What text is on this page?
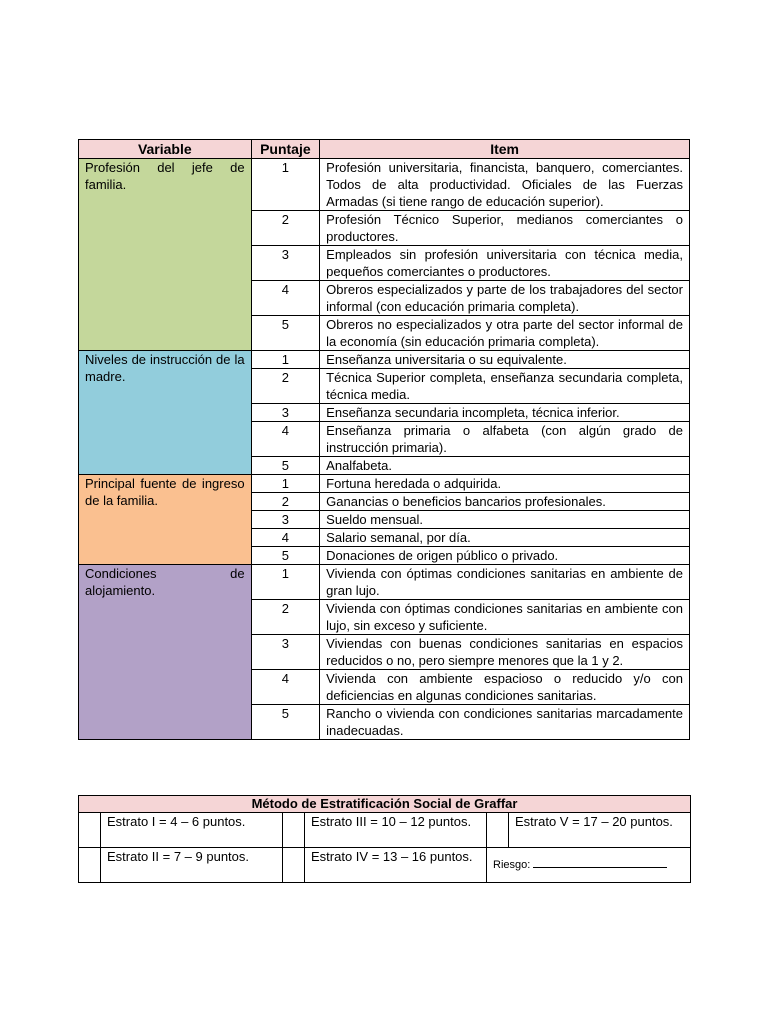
Variable	Puntaje	Item
Profesión del jefe de familia.	1	Profesión universitaria, financista, banquero, comerciantes. Todos de alta productividad. Oficiales de las Fuerzas Armadas (si tiene rango de educación superior).
	2	Profesión Técnico Superior, medianos comerciantes o productores.
	3	Empleados sin profesión universitaria con técnica media, pequeños comerciantes o productores.
	4	Obreros especializados y parte de los trabajadores del sector informal (con educación primaria completa).
	5	Obreros no especializados y otra parte del sector informal de la economía (sin educación primaria completa).
Niveles de instrucción de la madre.	1	Enseñanza universitaria o su equivalente.
	2	Técnica Superior completa, enseñanza secundaria completa, técnica media.
	3	Enseñanza secundaria incompleta, técnica inferior.
	4	Enseñanza primaria o alfabeta (con algún grado de instrucción primaria).
	5	Analfabeta.
Principal fuente de ingreso de la familia.	1	Fortuna heredada o adquirida.
	2	Ganancias o beneficios bancarios profesionales.
	3	Sueldo mensual.
	4	Salario semanal, por día.
	5	Donaciones de origen público o privado.
Condiciones de alojamiento.	1	Vivienda con óptimas condiciones sanitarias en ambiente de gran lujo.
	2	Vivienda con óptimas condiciones sanitarias en ambiente con lujo, sin exceso y suficiente.
	3	Viviendas con buenas condiciones sanitarias en espacios reducidos o no, pero siempre menores que la 1 y 2.
	4	Vivienda con ambiente espacioso o reducido y/o con deficiencias en algunas condiciones sanitarias.
	5	Rancho o vivienda con condiciones sanitarias marcadamente inadecuadas.
Método de Estratificación Social de Graffar					
	Estrato I = 4 – 6 puntos.		Estrato III = 10 – 12 puntos.		Estrato V = 17 – 20 puntos.
	Estrato II = 7 – 9 puntos.		Estrato IV = 13 – 16 puntos.	Riesgo:	
